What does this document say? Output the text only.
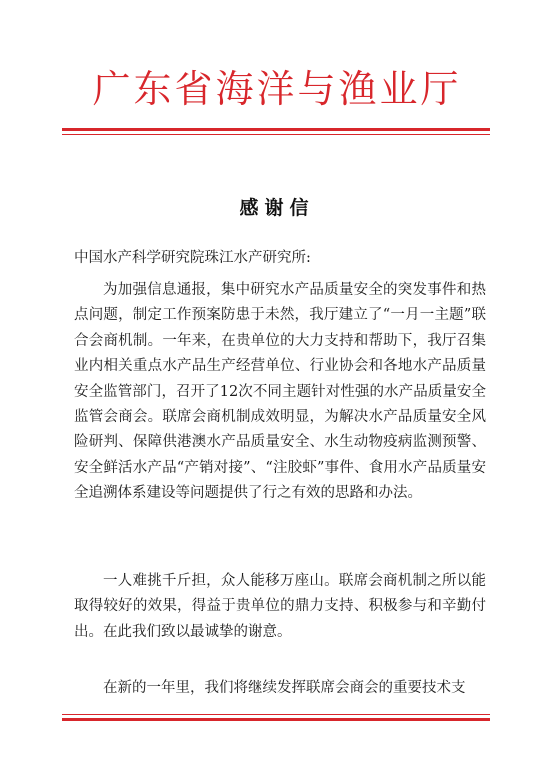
广东省海洋与渔业厅
感谢信
中国水产科学研究院珠江水产研究所:

为加强信息通报，集中研究水产品质量安全的突发事件和热点问题，制定工作预案防患于未然，我厅建立了“一月一主题”联合会商机制。一年来，在贵单位的大力支持和帮助下，我厅召集业内相关重点水产品生产经营单位、行业协会和各地水产品质量安全监管部门，召开了12次不同主题针对性强的水产品质量安全监管会商会。联席会商机制成效明显，为解决水产品质量安全风险研判、保障供港澳水产品质量安全、水生动物疫病监测预警、安全鲜活水产品“产销对接”、“注胶虾”事件、食用水产品质量安全追溯体系建设等问题提供了行之有效的思路和办法。

一人难挑千斤担，众人能移万座山。联席会商机制之所以能取得较好的效果，得益于贵单位的鼎力支持、积极参与和辛勤付出。在此我们致以最诚挚的谢意。

在新的一年里，我们将继续发挥联席会商会的重要技术支
